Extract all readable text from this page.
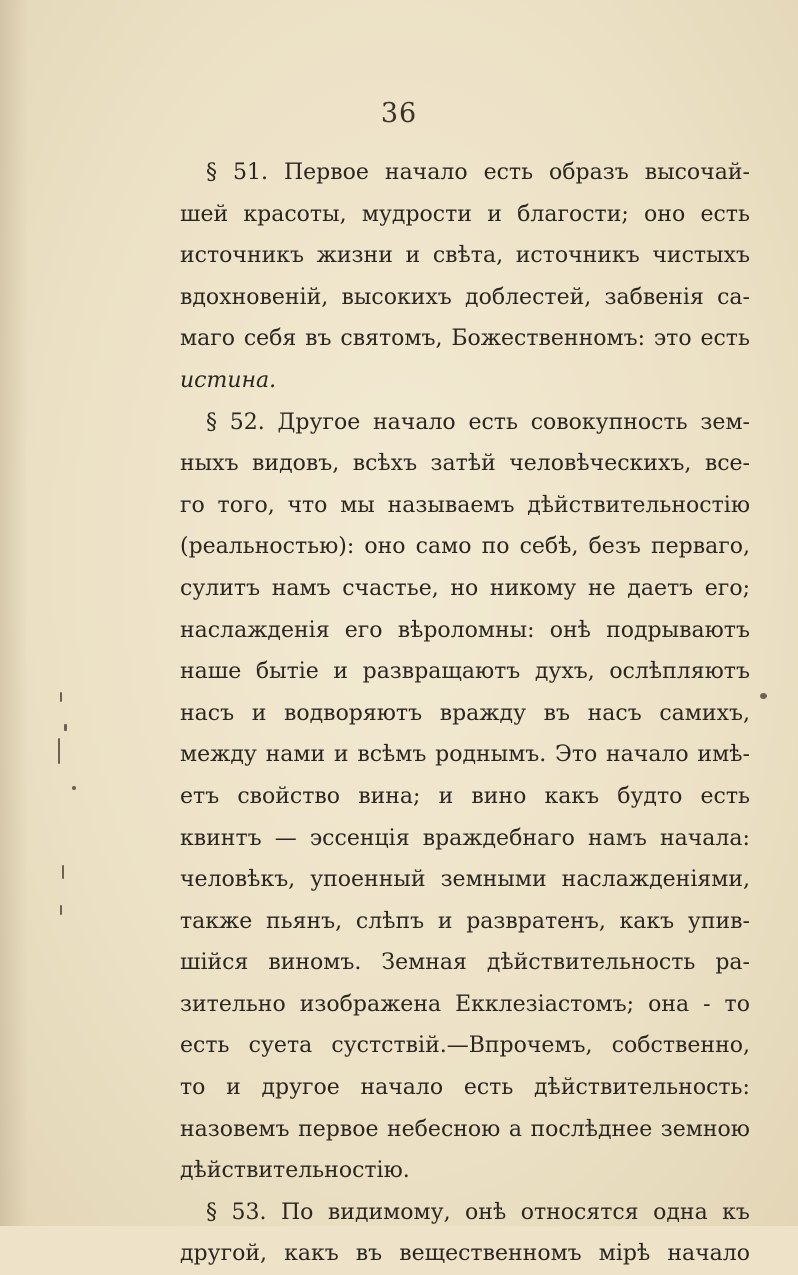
36
§ 51. Первое начало есть образъ высочай-
шей красоты, мудрости и благости; оно есть
источникъ жизни и свѣта, источникъ чистыхъ
вдохновеній, высокихъ доблестей, забвенія са-
маго себя въ святомъ, Божественномъ: это есть
истина.
§ 52. Другое начало есть совокупность зем-
ныхъ видовъ, всѣхъ затѣй человѣческихъ, все-
го того, что мы называемъ дѣйствительностію
(реальностью): оно само по себѣ, безъ перваго,
сулитъ намъ счастье, но никому не даетъ его;
наслажденія его вѣроломны: онѣ подрываютъ
наше бытіе и развращаютъ духъ, ослѣпляютъ
насъ и водворяютъ вражду въ насъ самихъ,
между нами и всѣмъ роднымъ. Это начало имѣ-
етъ свойство вина; и вино какъ будто есть
квинтъ — эссенція враждебнаго намъ начала:
человѣкъ, упоенный земными наслажденіями,
также пьянъ, слѣпъ и развратенъ, какъ упив-
шійся виномъ. Земная дѣйствительность ра-
зительно изображена Екклезіастомъ; она - то
есть суета сустствій.—Впрочемъ, собственно,
то и другое начало есть дѣйствительность:
назовемъ первое небесною а послѣднее земною
дѣйствительностію.
§ 53. По видимому, онѣ относятся одна къ
другой, какъ въ вещественномъ мірѣ начало
